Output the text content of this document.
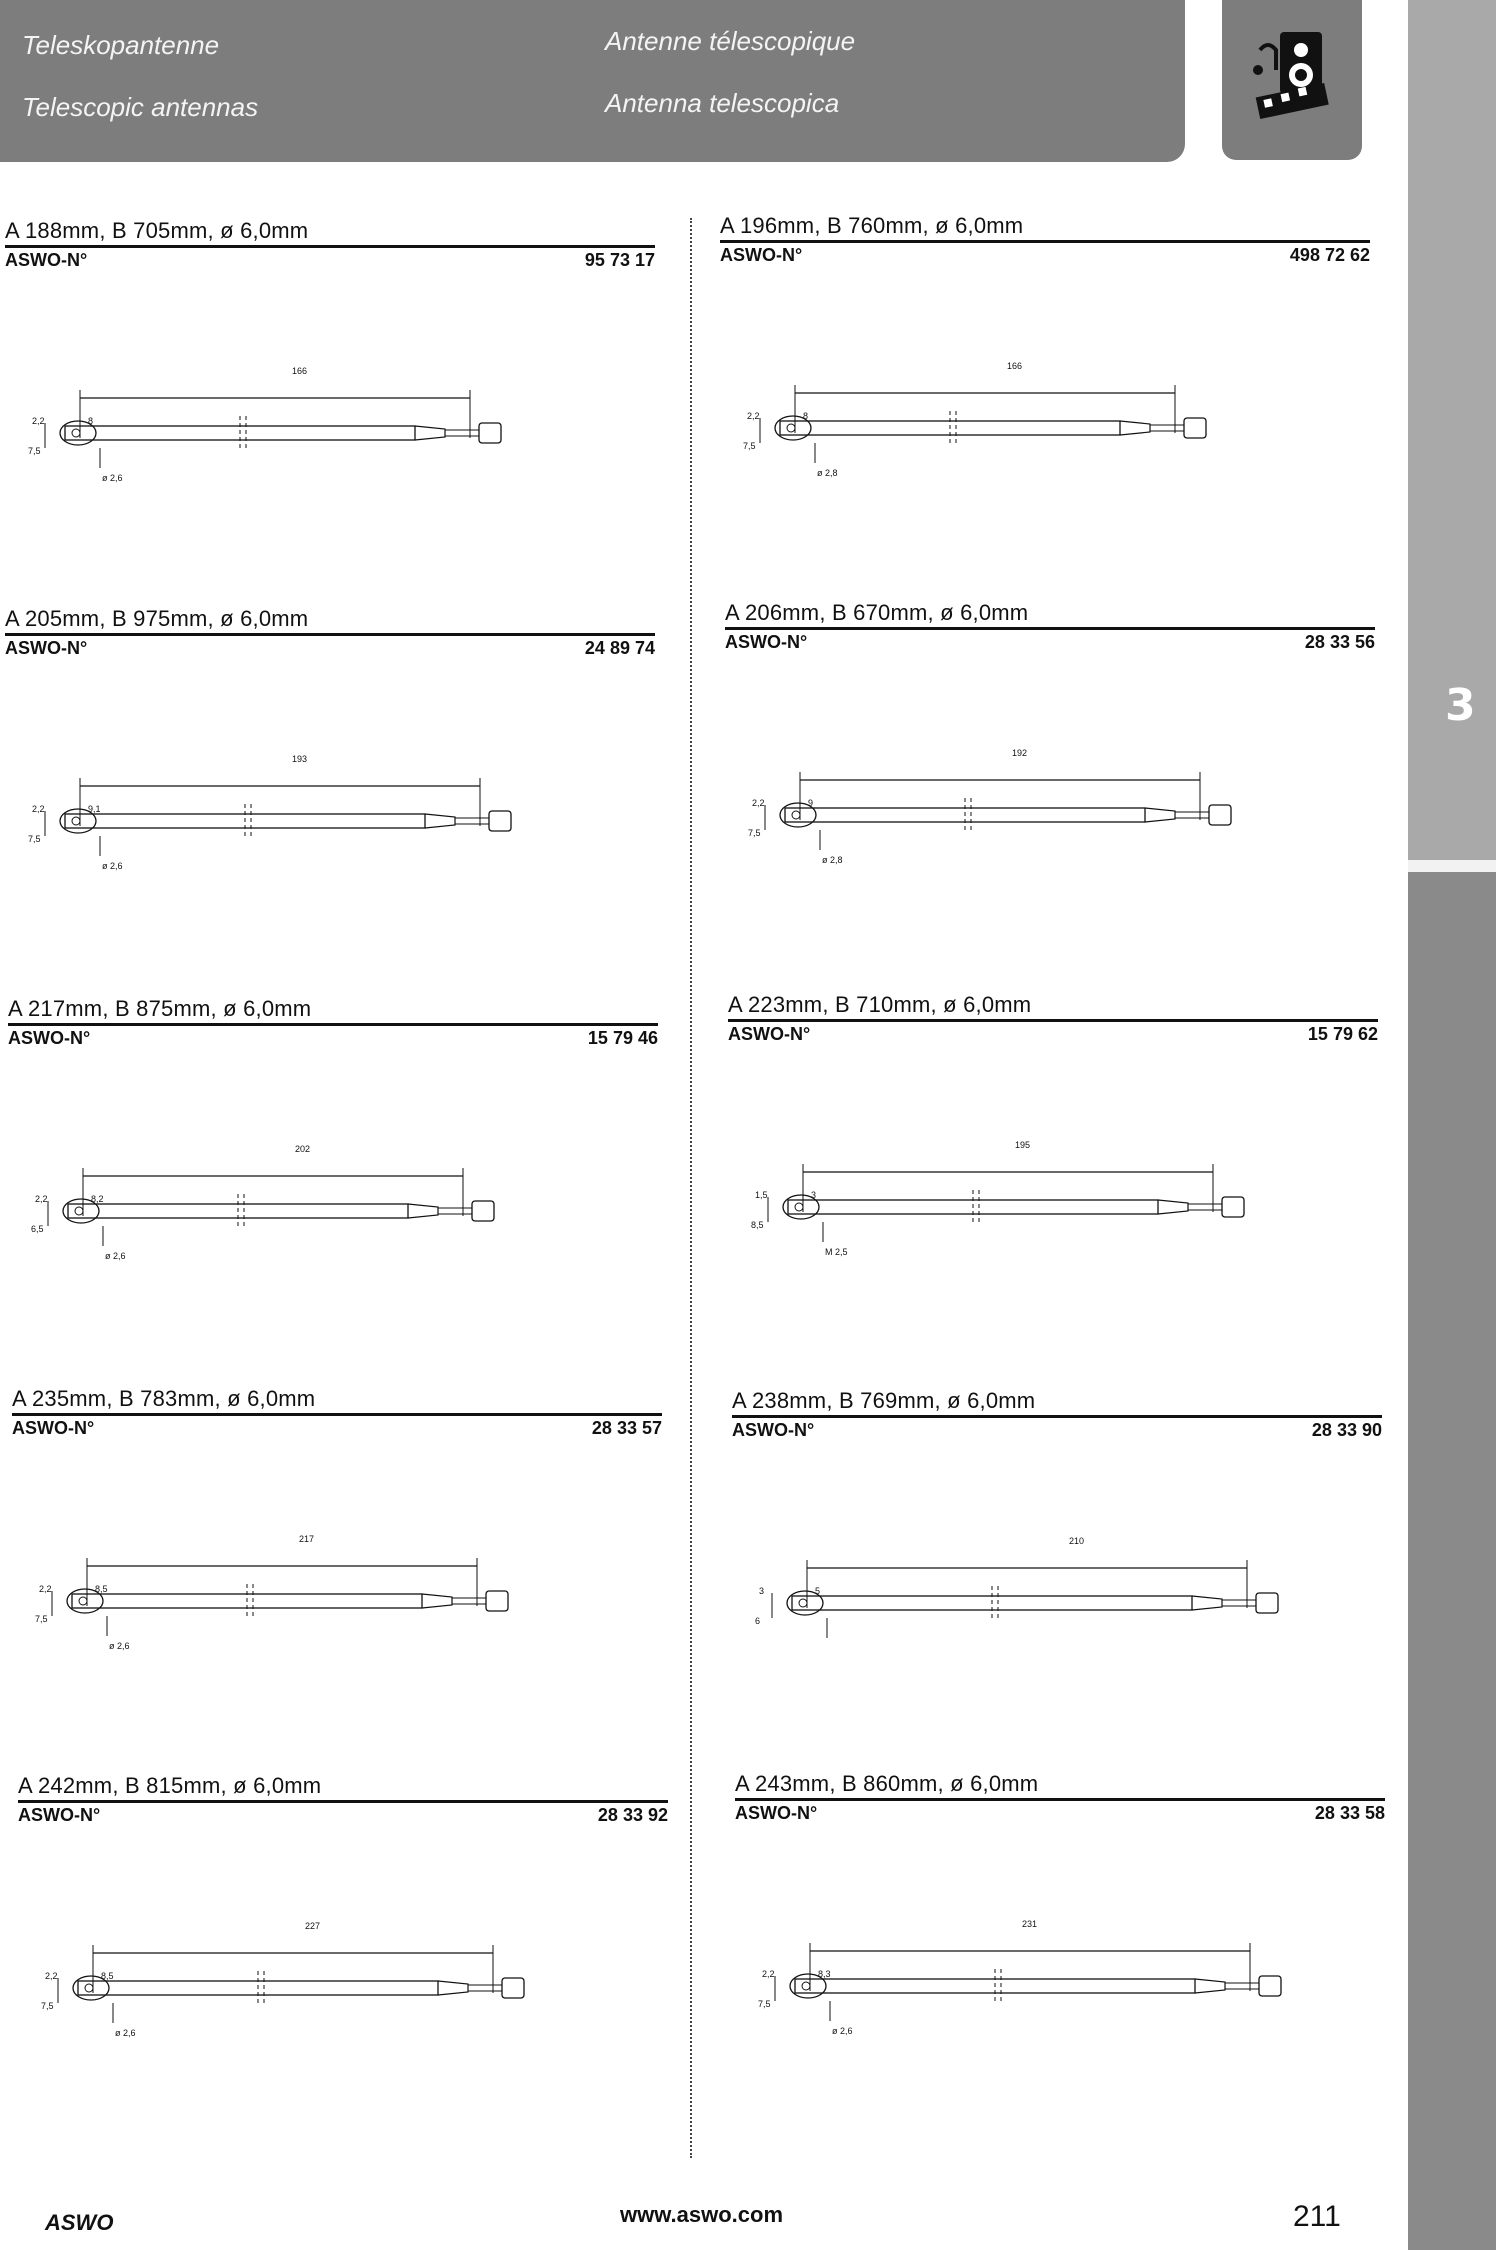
Teleskopantenne	Antenne télescopique
Telescopic antennas	Antenna telescopica
3
A 188mm, B 705mm, ø 6,0mm
ASWO-N°	95 73 17
166
2,2	8
7,5
ø 2,6
A 196mm, B 760mm, ø 6,0mm
ASWO-N°	498 72 62
166
2,2	8
7,5
ø 2,8
A 205mm, B 975mm, ø 6,0mm
ASWO-N°	24 89 74
193
2,2	9,1
7,5
ø 2,6
A 206mm, B 670mm, ø 6,0mm
ASWO-N°	28 33 56
192
2,2	9
7,5
ø 2,8
A 217mm, B 875mm, ø 6,0mm
ASWO-N°	15 79 46
202
2,2	8,2
6,5
ø 2,6
A 223mm, B 710mm, ø 6,0mm
ASWO-N°	15 79 62
195
1,5	3
8,5
M 2,5
A 235mm, B 783mm, ø 6,0mm
ASWO-N°	28 33 57
217
2,2	8,5
7,5
ø 2,6
A 238mm, B 769mm, ø 6,0mm
ASWO-N°	28 33 90
210
3	5
6
A 242mm, B 815mm, ø 6,0mm
ASWO-N°	28 33 92
227
2,2	8,5
7,5
ø 2,6
A 243mm, B 860mm, ø 6,0mm
ASWO-N°	28 33 58
231
2,2	8,3
7,5
ø 2,6
ASWO	www.aswo.com	211
